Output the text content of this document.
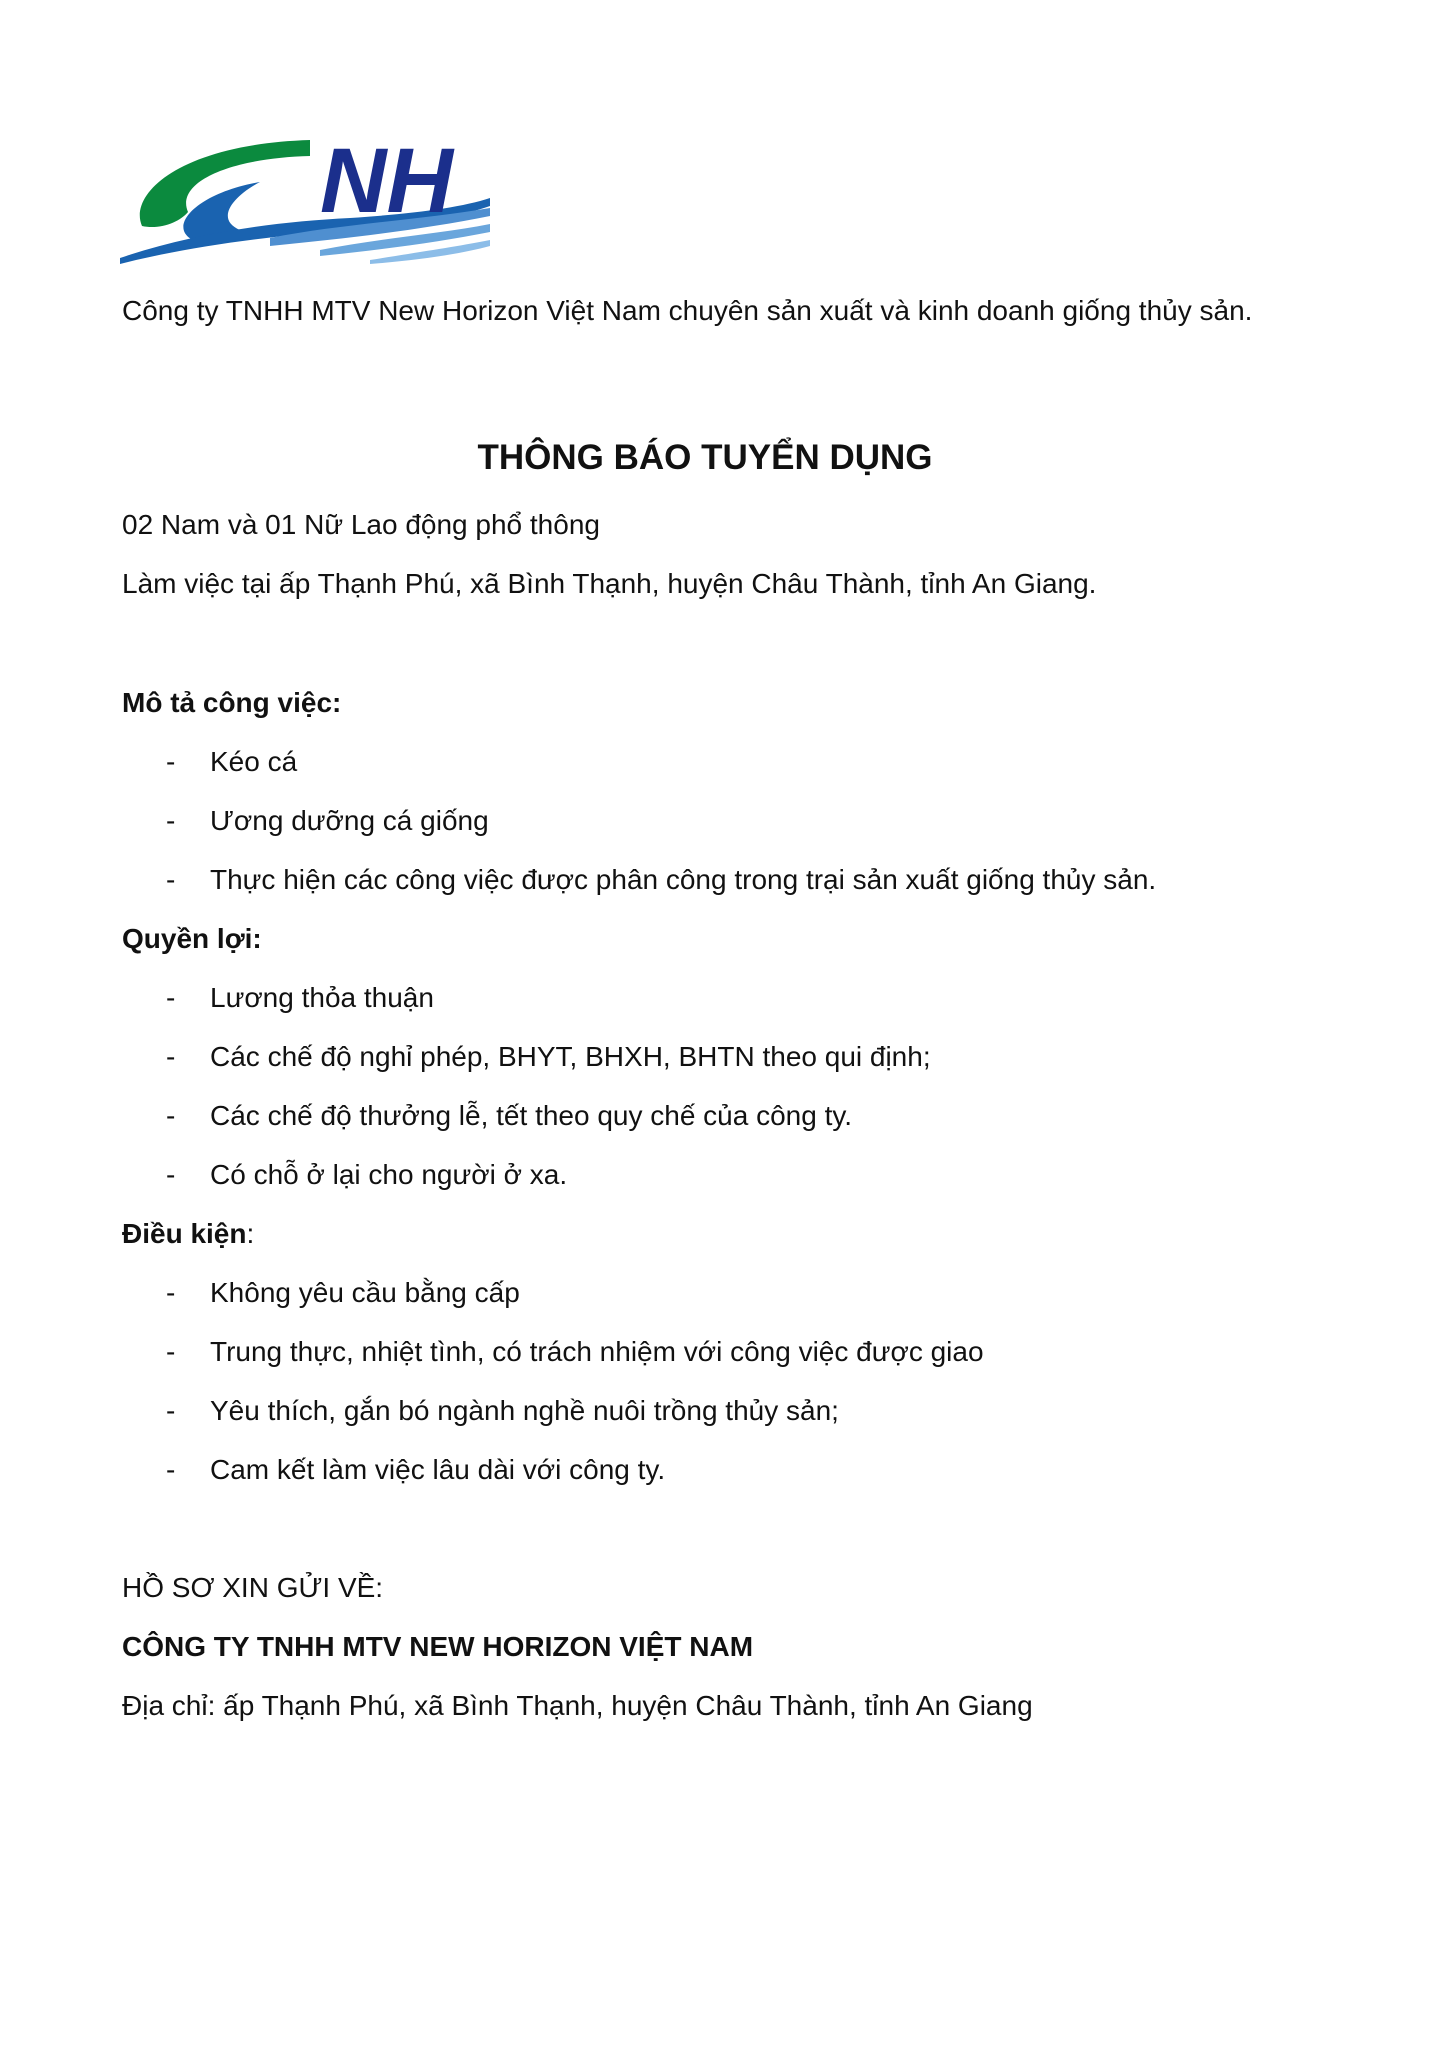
NH
Công ty TNHH MTV New Horizon Việt Nam chuyên sản xuất và kinh doanh giống thủy sản.
THÔNG BÁO TUYỂN DỤNG
02 Nam và 01 Nữ Lao động phổ thông
Làm việc tại ấp Thạnh Phú, xã Bình Thạnh, huyện Châu Thành, tỉnh An Giang.
Mô tả công việc:
- Kéo cá
- Ương dưỡng cá giống
- Thực hiện các công việc được phân công trong trại sản xuất giống thủy sản.
Quyền lợi:
- Lương thỏa thuận
- Các chế độ nghỉ phép, BHYT, BHXH, BHTN theo qui định;
- Các chế độ thưởng lễ, tết theo quy chế của công ty.
- Có chỗ ở lại cho người ở xa.
Điều kiện:
- Không yêu cầu bằng cấp
- Trung thực, nhiệt tình, có trách nhiệm với công việc được giao
- Yêu thích, gắn bó ngành nghề nuôi trồng thủy sản;
- Cam kết làm việc lâu dài với công ty.
HỒ SƠ XIN GỬI VỀ:
CÔNG TY TNHH MTV NEW HORIZON VIỆT NAM
Địa chỉ: ấp Thạnh Phú, xã Bình Thạnh, huyện Châu Thành, tỉnh An Giang
